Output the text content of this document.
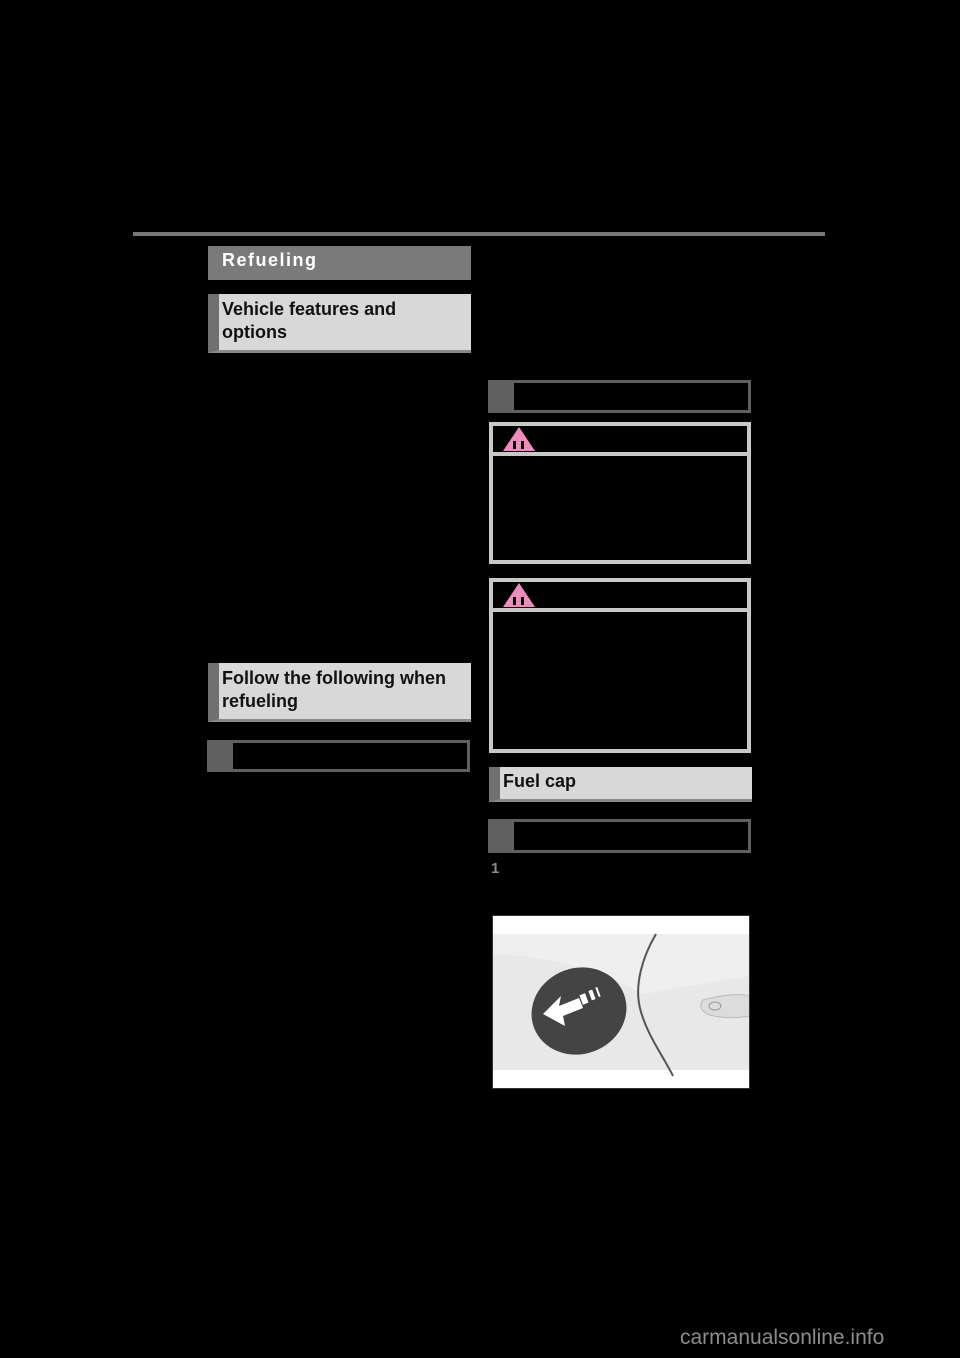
Refueling
Vehicle features and options
Follow the following when refueling
Fuel cap
1
carmanualsonline.info
